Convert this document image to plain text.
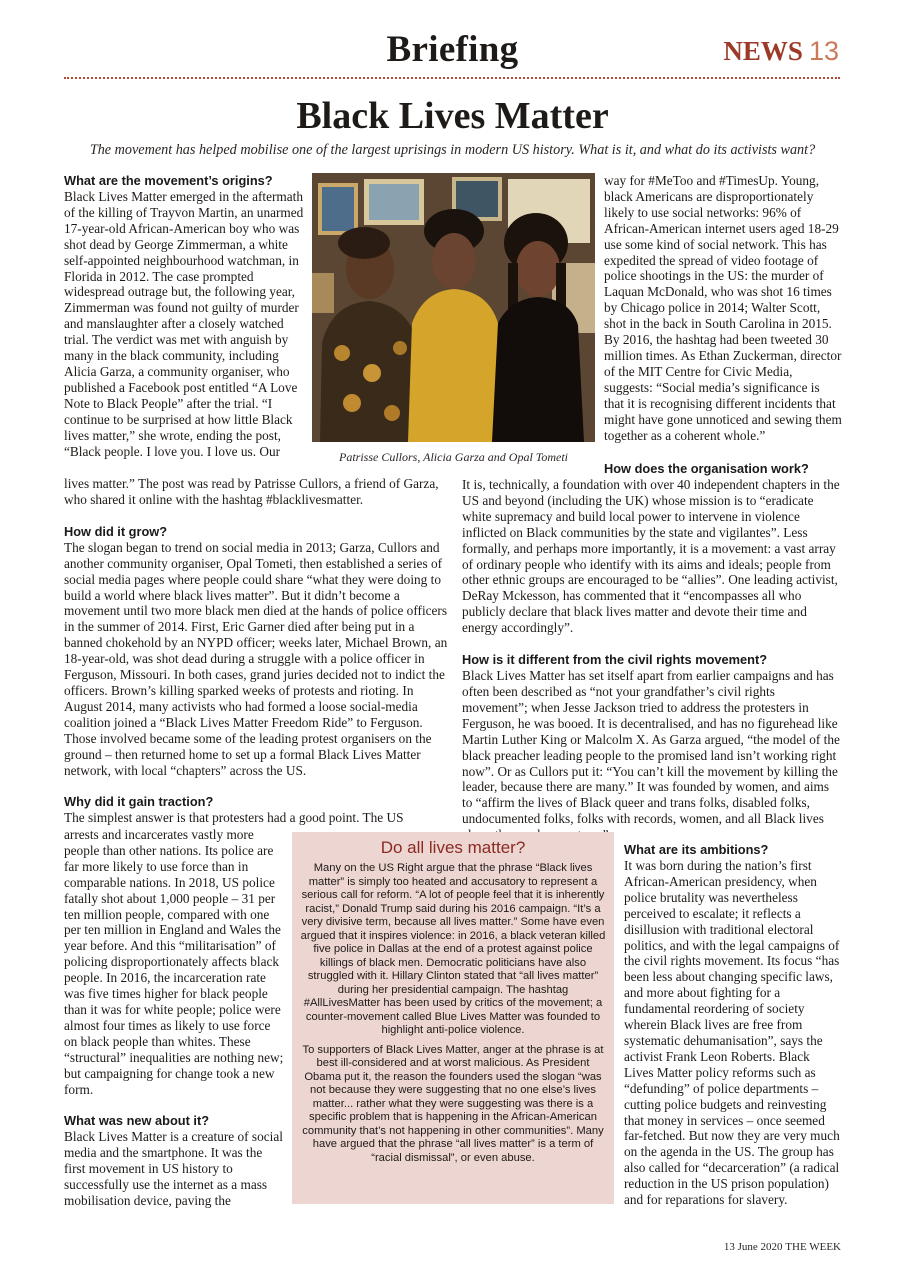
Briefing	NEWS 13
Black Lives Matter
The movement has helped mobilise one of the largest uprisings in modern US history. What is it, and what do its activists want?
What are the movement’s origins?

Black Lives Matter emerged in the aftermath of the killing of Trayvon Martin, an unarmed 17-year-old African-American boy who was shot dead by George Zimmerman, a white self-appointed neighbourhood watchman, in Florida in 2012. The case prompted widespread outrage but, the following year, Zimmerman was found not guilty of murder and manslaughter after a closely watched trial. The verdict was met with anguish by many in the black community, including Alicia Garza, a community organiser, who published a Facebook post entitled “A Love Note to Black People” after the trial. “I continue to be surprised at how little Black lives matter,” she wrote, ending the post, “Black people. I love you. I love us. Our	Patrisse Cullors, Alicia Garza and Opal Tometi

way for #MeToo and #TimesUp. Young, black Americans are disproportionately likely to use social networks: 96% of African-American internet users aged 18-29 use some kind of social network. This has expedited the spread of video footage of police shootings in the US: the murder of Laquan McDonald, who was shot 16 times by Chicago police in 2014; Walter Scott, shot in the back in South Carolina in 2015. By 2016, the hashtag had been tweeted 30 million times. As Ethan Zuckerman, director of the MIT Centre for Civic Media, suggests: “Social media’s significance is that it is recognising different incidents that might have gone unnoticed and sewing them together as a coherent whole.”

lives matter.” The post was read by Patrisse Cullors, a friend of Garza, who shared it online with the hashtag #blacklivesmatter.

How did it grow?

The slogan began to trend on social media in 2013; Garza, Cullors and another community organiser, Opal Tometi, then established a series of social media pages where people could share “what they were doing to build a world where black lives matter”. But it didn’t become a movement until two more black men died at the hands of police officers in the summer of 2014. First, Eric Garner died after being put in a banned chokehold by an NYPD officer; weeks later, Michael Brown, an 18-year-old, was shot dead during a struggle with a police officer in Ferguson, Missouri. In both cases, grand juries decided not to indict the officers. Brown’s killing sparked weeks of protests and rioting. In August 2014, many activists who had formed a loose social-media coalition joined a “Black Lives Matter Freedom Ride” to Ferguson. Those involved became some of the leading protest organisers on the ground – then returned home to set up a formal Black Lives Matter network, with local “chapters” across the US.

Why did it gain traction?

The simplest answer is that protesters had a good point. The US

arrests and incarcerates vastly more people than other nations. Its police are far more likely to use force than in comparable nations. In 2018, US police fatally shot about 1,000 people – 31 per ten million people, compared with one per ten million in England and Wales the year before. And this “militarisation” of policing disproportionately affects black people. In 2016, the incarceration rate was five times higher for black people than it was for white people; police were almost four times as likely to use force on black people than whites. These “structural” inequalities are nothing new; but campaigning for change took a new form.

What was new about it?

Black Lives Matter is a creature of social media and the smartphone. It was the first movement in US history to successfully use the internet as a mass mobilisation device, paving the

How does the organisation work?

It is, technically, a foundation with over 40 independent chapters in the US and beyond (including the UK) whose mission is to “eradicate white supremacy and build local power to intervene in violence inflicted on Black communities by the state and vigilantes”. Less formally, and perhaps more importantly, it is a movement: a vast array of ordinary people who identify with its aims and ideals; people from other ethnic groups are encouraged to be “allies”. One leading activist, DeRay Mckesson, has commented that it “encompasses all who publicly declare that black lives matter and devote their time and energy accordingly”.

How is it different from the civil rights movement?

Black Lives Matter has set itself apart from earlier campaigns and has often been described as “not your grandfather’s civil rights movement”; when Jesse Jackson tried to address the protesters in Ferguson, he was booed. It is decentralised, and has no figurehead like Martin Luther King or Malcolm X. As Garza argued, “the model of the black preacher leading people to the promised land isn’t working right now”. Or as Cullors put it: “You can’t kill the movement by killing the leader, because there are many.” It was founded by women, and aims to “affirm the lives of Black queer and trans folks, disabled folks, undocumented folks, folks with records, women, and all Black lives

Do all lives matter?

Many on the US Right argue that the phrase “Black lives matter” is simply too heated and accusatory to represent a serious call for reform. “A lot of people feel that it is inherently racist,” Donald Trump said during his 2016 campaign. “It’s a very divisive term, because all lives matter.” Some have even argued that it inspires violence: in 2016, a black veteran killed five police in Dallas at the end of a protest against police killings of black men. Democratic politicians have also struggled with it. Hillary Clinton stated that “all lives matter” during her presidential campaign. The hashtag #AllLivesMatter has been used by critics of the movement; a counter-movement called Blue Lives Matter was founded to highlight anti-police violence.

To supporters of Black Lives Matter, anger at the phrase is at best ill-considered and at worst malicious. As President Obama put it, the reason the founders used the slogan “was not because they were suggesting that no one else’s lives matter... rather what they were suggesting was there is a specific problem that is happening in the African-American community that’s not happening in other communities”. Many have argued that the phrase “all lives matter” is a term of “racial dismissal”, or even abuse.

What are its ambitions?

It was born during the nation’s first African-American presidency, when police brutality was nevertheless perceived to escalate; it reflects a disillusion with traditional electoral politics, and with the legal campaigns of the civil rights movement. Its focus “has been less about changing specific laws, and more about fighting for a fundamental reordering of society wherein Black lives are free from systematic dehumanisation”, says the activist Frank Leon Roberts. Black Lives Matter policy reforms such as “defunding” of police departments – cutting police budgets and reinvesting that money in services – once seemed far-fetched. But now they are very much on the agenda in the US. The group has also called for “decarceration” (a radical reduction in the US prison population) and for reparations for slavery.

13 June 2020 THE WEEK
